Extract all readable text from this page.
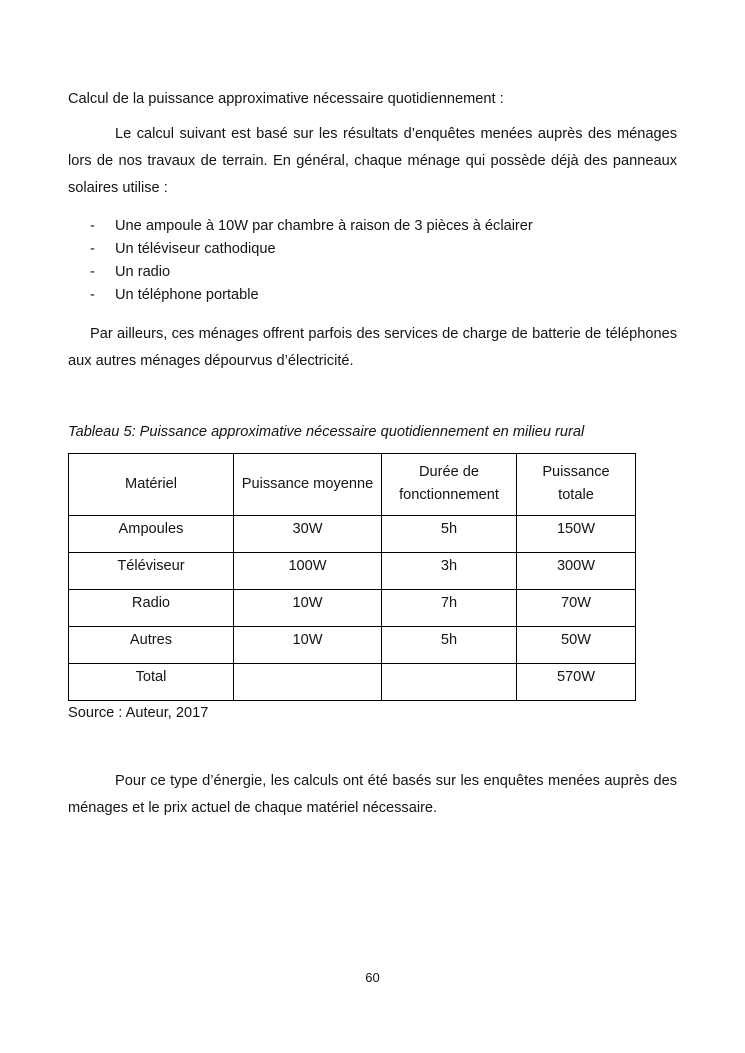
Calcul de la puissance approximative nécessaire quotidiennement :

Le calcul suivant est basé sur les résultats d’enquêtes menées auprès des ménages lors de nos travaux de terrain. En général, chaque ménage qui possède déjà des panneaux solaires utilise :

-	Une ampoule à 10W par chambre à raison de 3 pièces à éclairer
-	Un téléviseur cathodique
-	Un radio
-	Un téléphone portable

Par ailleurs, ces ménages offrent parfois des services de charge de batterie de téléphones aux autres ménages dépourvus d’électricité.

Tableau 5: Puissance approximative nécessaire quotidiennement en milieu rural

Matériel	Puissance moyenne	Durée de fonctionnement	Puissance totale
Ampoules	30W	5h	150W
Téléviseur	100W	3h	300W
Radio	10W	7h	70W
Autres	10W	5h	50W
Total			570W

Source : Auteur, 2017

Pour ce type d’énergie, les calculs ont été basés sur les enquêtes menées auprès des ménages et le prix actuel de chaque matériel nécessaire.

60
